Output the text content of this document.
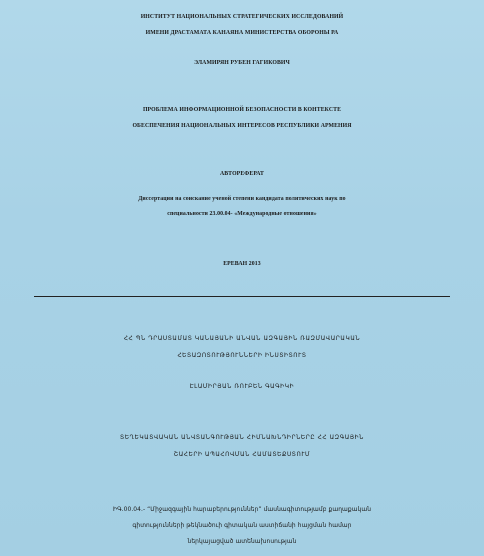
ИНСТИТУТ НАЦИОНАЛЬНЫХ СТРАТЕГИЧЕСКИХ ИССЛЕДОВАНИЙ
ИМЕНИ ДРАСТАМАТА КАНАЯНА МИНИСТЕРСТВА ОБОРОНЫ РА
ЭЛАМИРЯН РУБЕН ГАГИКОВИЧ
ПРОБЛЕМА ИНФОРМАЦИОННОЙ БЕЗОПАСНОСТИ В КОНТЕКСТЕ
ОБЕСПЕЧЕНИЯ НАЦИОНАЛЬНЫХ ИНТЕРЕСОВ РЕСПУБЛИКИ АРМЕНИЯ
АВТОРЕФЕРАТ
Диссертации на соискание ученой степени кандидата политических наук по
специальности 23.00.04- «Международные отношения»
ЕРЕВАН 2013
ՀՀ ՊՆ ԴՐԱՍՏԱՄԱՏ ԿԱՆԱՅԱՆԻ ԱՆՎԱՆ ԱԶԳԱՅԻՆ ՌԱԶՄԱՎԱՐԱԿԱՆ
ՀԵՏԱԶՈՏՈՒԹՅՈՒՆՆԵՐԻ ԻՆՍՏԻՏՈՒՏ
ԷԼԱՄԻՐՅԱՆ ՌՈՒԲԵՆ ԳԱԳԻԿԻ
ՏԵՂԵԿԱՏՎԱԿԱՆ ԱՆՎՏԱՆԳՈՒԹՅԱՆ ՀԻՄՆԱԽՆԴԻՐՆԵՐԸ ՀՀ ԱԶԳԱՅԻՆ
ՇԱՀԵՐԻ ԱՊԱՀՈՎՄԱՆ ՀԱՄԱՏԵՔՍՏՈՒՄ
ԻԳ.00.04.- “Միջազգային հարաբերություններ” մասնագիտությամբ քաղաքական
գիտությունների թեկնածուի գիտական աստիճանի հայցման համար
ներկայացված ատենախոսության
